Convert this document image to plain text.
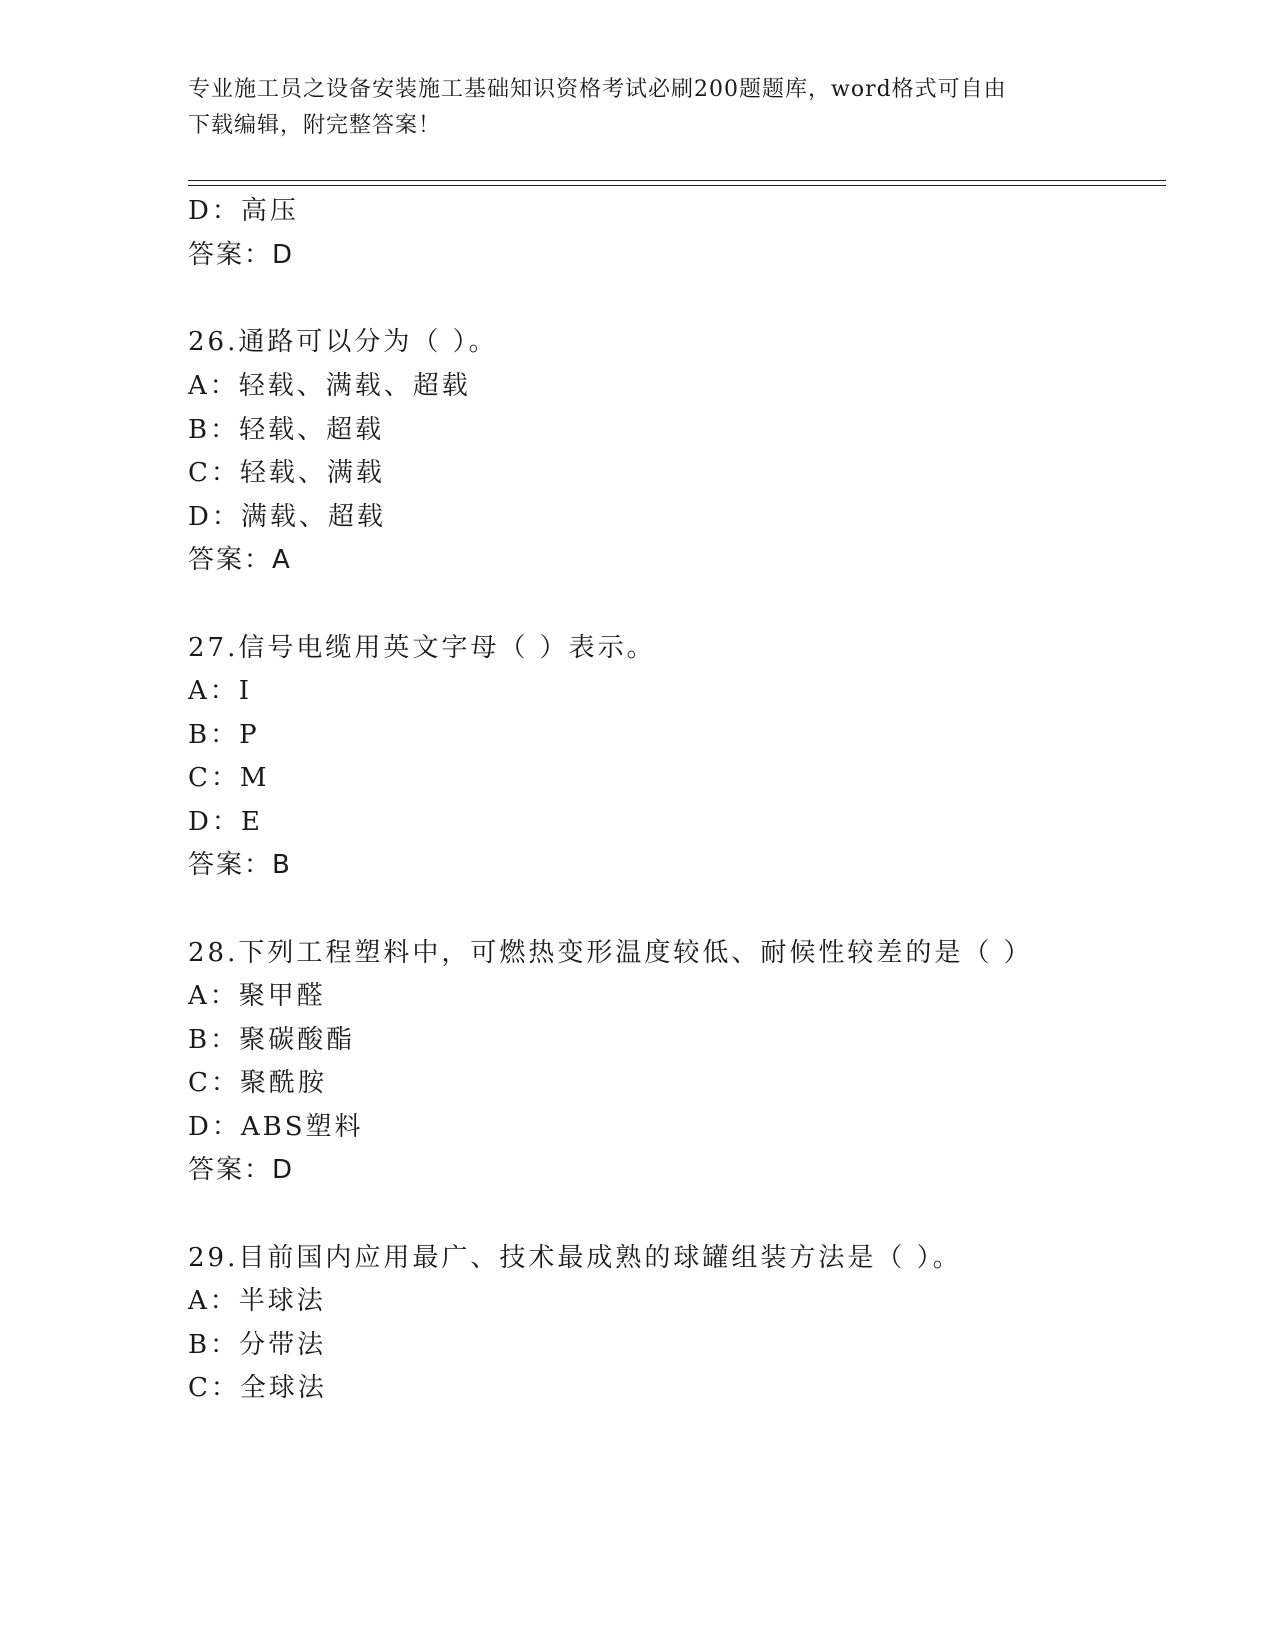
专业施工员之设备安装施工基础知识资格考试必刷200题题库，word格式可自由
下载编辑，附完整答案！
D：高压
答案：D
26.通路可以分为（ ）。
A：轻载、满载、超载
B：轻载、超载
C：轻载、满载
D：满载、超载
答案：A
27.信号电缆用英文字母（ ）表示。
A：I
B：P
C：M
D：E
答案：B
28.下列工程塑料中，可燃热变形温度较低、耐候性较差的是（ ）
A：聚甲醛
B：聚碳酸酯
C：聚酰胺
D：ABS塑料
答案：D
29.目前国内应用最广、技术最成熟的球罐组装方法是（ ）。
A：半球法
B：分带法
C：全球法
